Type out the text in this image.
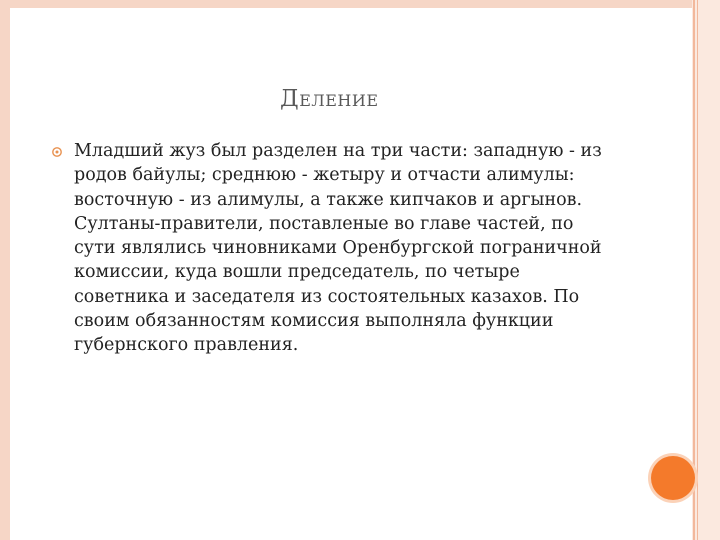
Деление
Младший жуз был разделен на три части: западную - из
родов байулы; среднюю - жетыру и отчасти алимулы:
восточную - из алимулы, а также кипчаков и аргынов.
Султаны-правители, поставленые во главе частей, по
сути являлись чиновниками Оренбургской пограничной
комиссии, куда вошли председатель, по четыре
советника и заседателя из состоятельных казахов. По
своим обязанностям комиссия выполняла функции
губернского правления.
